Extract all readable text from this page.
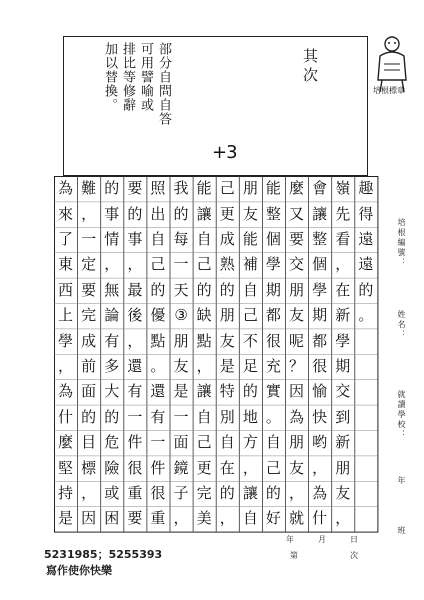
其次
部分自問自答
可用譬喻或
排比等修辭
加以替換。
+3
培根標章
趣
得
遠
遠
的
。
嶺
先
看
，
在
新
學
期
交
到
新
朋
友
，
會
讓
整
個
學
期
都
很
愉
快
哟
，
為
什
麼
又
要
交
朋
友
呢
？
因
為
朋
友
，
就
能
整
個
學
期
都
很
充
實
。
自
己
的
好
朋
友
能
補
自
己
不
足
的
地
方
，
讓
自
己
更
成
熟
的
朋
友
是
特
別
自
在
的
，
能
讓
自
己
的
缺
點
，
讓
自
己
更
完
美
我
的
每
一
天
③
朋
友
是
一
面
鏡
子
，
照
出
自
己
的
優
點
。
還
有
一
件
很
重
要
的
事
，
最
後
，
還
有
一
件
很
重
要
的
事
情
，
無
論
有
多
大
的
危
險
或
困
難
，
一
定
要
完
成
前
面
的
目
標
，
因
為
來
了
東
西
上
學
，
為
什
麼
堅
持
是
培根編號：
姓名：
就讀學校：
年
班
年	月	日
第	次
5231985；5255393
寫作使你快樂
